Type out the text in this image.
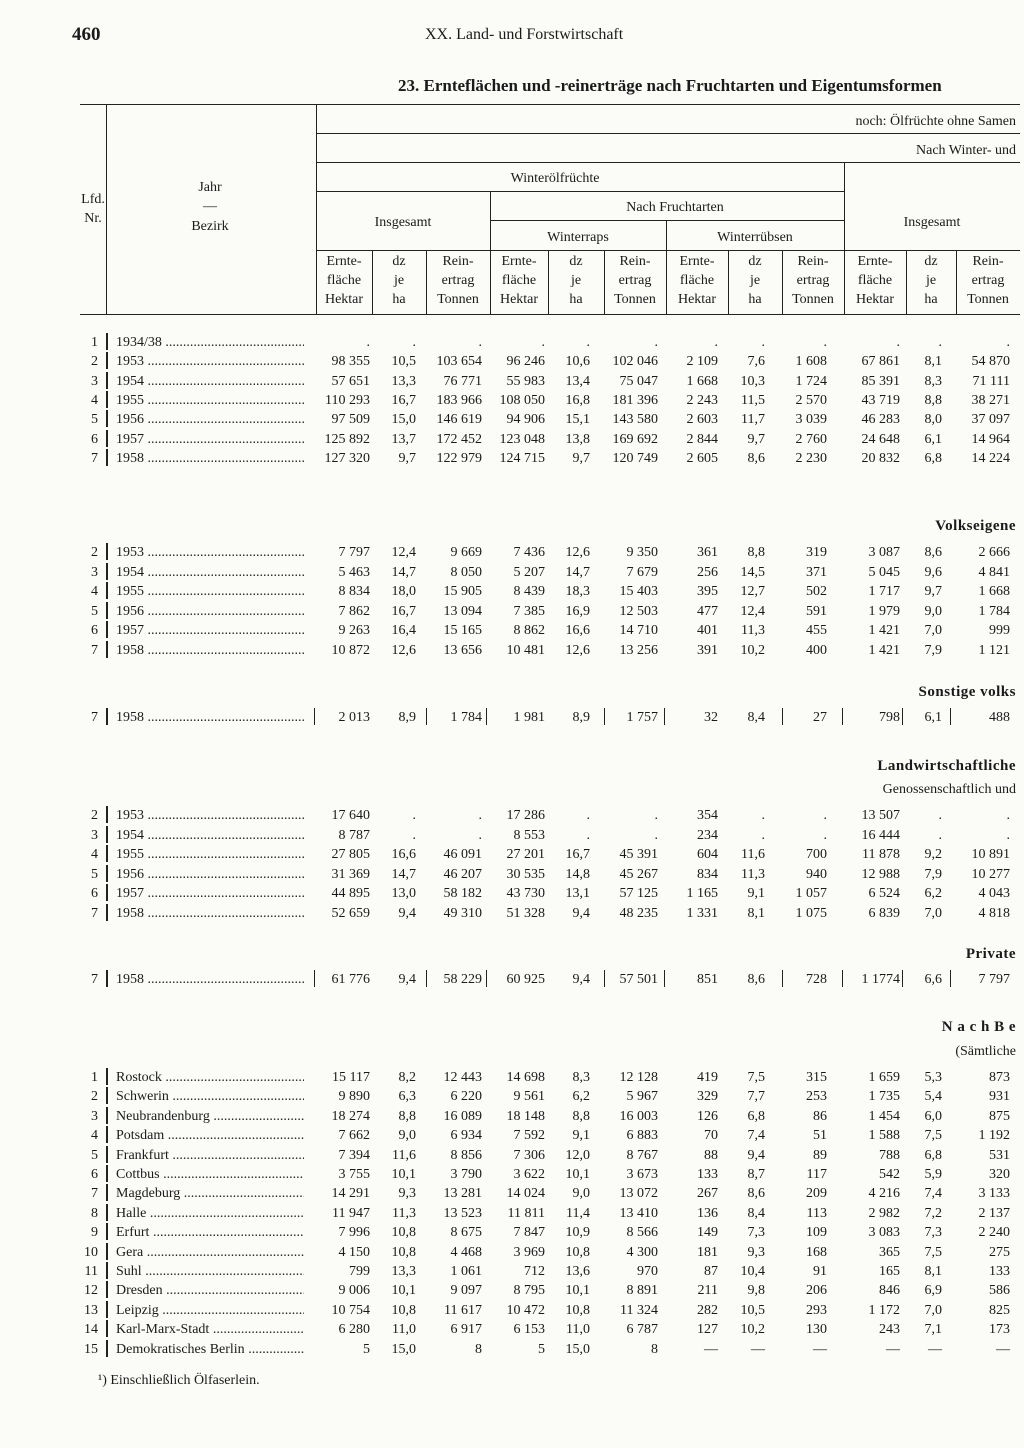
460	XX. Land- und Forstwirtschaft
23. Ernteflächen und -reinerträge nach Fruchtarten und Eigentumsformen
noch: Ölfrüchte ohne Samen
Nach Winter- und
Lfd.
Nr.
Jahr
—
Bezirk
Winterölfrüchte
Insgesamt
Nach Fruchtarten
Winterraps	Winterrübsen
Insgesamt
Ernte-
fläche
Hektar
dz
je
ha
Rein-
ertrag
Tonnen
Ernte-
fläche
Hektar
dz
je
ha
Rein-
ertrag
Tonnen
Ernte-
fläche
Hektar
dz
je
ha
Rein-
ertrag
Tonnen
Ernte-
fläche
Hektar
dz
je
ha
Rein-
ertrag
Tonnen
1 1934/38 .....	.	.	.	.	.	.	.	.	.	.	.	.
2 1953 .....	98 355	10,5	103 654	96 246	10,6	102 046	2 109	7,6	1 608	67 861	8,1	54 870
3 1954 .....	57 651	13,3	76 771	55 983	13,4	75 047	1 668	10,3	1 724	85 391	8,3	71 111
4 1955 .....	110 293	16,7	183 966	108 050	16,8	181 396	2 243	11,5	2 570	43 719	8,8	38 271
5 1956 .....	97 509	15,0	146 619	94 906	15,1	143 580	2 603	11,7	3 039	46 283	8,0	37 097
6 1957 .....	125 892	13,7	172 452	123 048	13,8	169 692	2 844	9,7	2 760	24 648	6,1	14 964
7 1958 .....	127 320	9,7	122 979	124 715	9,7	120 749	2 605	8,6	2 230	20 832	6,8	14 224
2 1953 .....	7 797	12,4	9 669	7 436	12,6	9 350	361	8,8	319	3 087	8,6	2 666
3 1954 .....	5 463	14,7	8 050	5 207	14,7	7 679	256	14,5	371	5 045	9,6	4 841
4 1955 .....	8 834	18,0	15 905	8 439	18,3	15 403	395	12,7	502	1 717	9,7	1 668
5 1956 .....	7 862	16,7	13 094	7 385	16,9	12 503	477	12,4	591	1 979	9,0	1 784
6 1957 .....	9 263	16,4	15 165	8 862	16,6	14 710	401	11,3	455	1 421	7,0	999
7 1958 .....	10 872	12,6	13 656	10 481	12,6	13 256	391	10,2	400	1 421	7,9	1 121
7 1958 .....	2 013	8,9	1 784	1 981	8,9	1 757	32	8,4	27	798	6,1	488
2 1953 .....	17 640	.	.	17 286	.	.	354	.	.	13 507	.	.
3 1954 .....	8 787	.	.	8 553	.	.	234	.	.	16 444	.	.
4 1955 .....	27 805	16,6	46 091	27 201	16,7	45 391	604	11,6	700	11 878	9,2	10 891
5 1956 .....	31 369	14,7	46 207	30 535	14,8	45 267	834	11,3	940	12 988	7,9	10 277
6 1957 .....	44 895	13,0	58 182	43 730	13,1	57 125	1 165	9,1	1 057	6 524	6,2	4 043
7 1958 .....	52 659	9,4	49 310	51 328	9,4	48 235	1 331	8,1	1 075	6 839	7,0	4 818
7 1958 .....	61 776	9,4	58 229	60 925	9,4	57 501	851	8,6	728	1 1774	6,6	7 797
1 Rostock .....	15 117	8,2	12 443	14 698	8,3	12 128	419	7,5	315	1 659	5,3	873
2 Schwerin .....	9 890	6,3	6 220	9 561	6,2	5 967	329	7,7	253	1 735	5,4	931
3 Neubrandenburg .....	18 274	8,8	16 089	18 148	8,8	16 003	126	6,8	86	1 454	6,0	875
4 Potsdam .....	7 662	9,0	6 934	7 592	9,1	6 883	70	7,4	51	1 588	7,5	1 192
5 Frankfurt .....	7 394	11,6	8 856	7 306	12,0	8 767	88	9,4	89	788	6,8	531
6 Cottbus .....	3 755	10,1	3 790	3 622	10,1	3 673	133	8,7	117	542	5,9	320
7 Magdeburg .....	14 291	9,3	13 281	14 024	9,0	13 072	267	8,6	209	4 216	7,4	3 133
8 Halle .....	11 947	11,3	13 523	11 811	11,4	13 410	136	8,4	113	2 982	7,2	2 137
9 Erfurt .....	7 996	10,8	8 675	7 847	10,9	8 566	149	7,3	109	3 083	7,3	2 240
10 Gera .....	4 150	10,8	4 468	3 969	10,8	4 300	181	9,3	168	365	7,5	275
11 Suhl .....	799	13,3	1 061	712	13,6	970	87	10,4	91	165	8,1	133
12 Dresden .....	9 006	10,1	9 097	8 795	10,1	8 891	211	9,8	206	846	6,9	586
13 Leipzig .....	10 754	10,8	11 617	10 472	10,8	11 324	282	10,5	293	1 172	7,0	825
14 Karl-Marx-Stadt .....	6 280	11,0	6 917	6 153	11,0	6 787	127	10,2	130	243	7,1	173
15 Demokratisches Berlin .....	5	15,0	8	5	15,0	8	—	—	—	—	—	—
Volkseigene
Sonstige volks
Landwirtschaftliche
Genossenschaftlich und
Private
N a c h B e
(Sämtliche
¹) Einschließlich Ölfaserlein.
